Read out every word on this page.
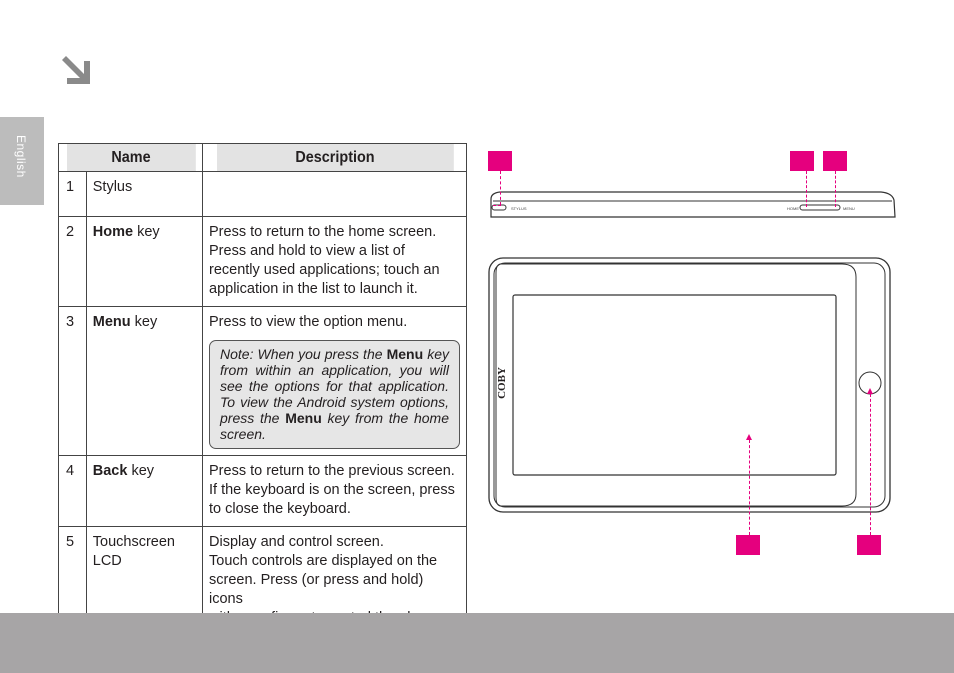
English	Name		Description
1	Stylus	
2	Home key	Press to return to the home screen.
Press and hold to view a list of
recently used applications; touch an
application in the list to launch it.

3	Menu key	Press to view the option menu.
Note: When you press the Menu key from within an application, you will see the options for that application. To view the Android system options, press the Menu key from the home screen.

4	Back key	Press to return to the previous screen.
If the keyboard is on the screen, press
to close the keyboard.

5	Touchscreen
LCD	Display and control screen.
Touch controls are displayed on the
screen. Press (or press and hold) icons
STYLUS	HOME	MENU
COBY
